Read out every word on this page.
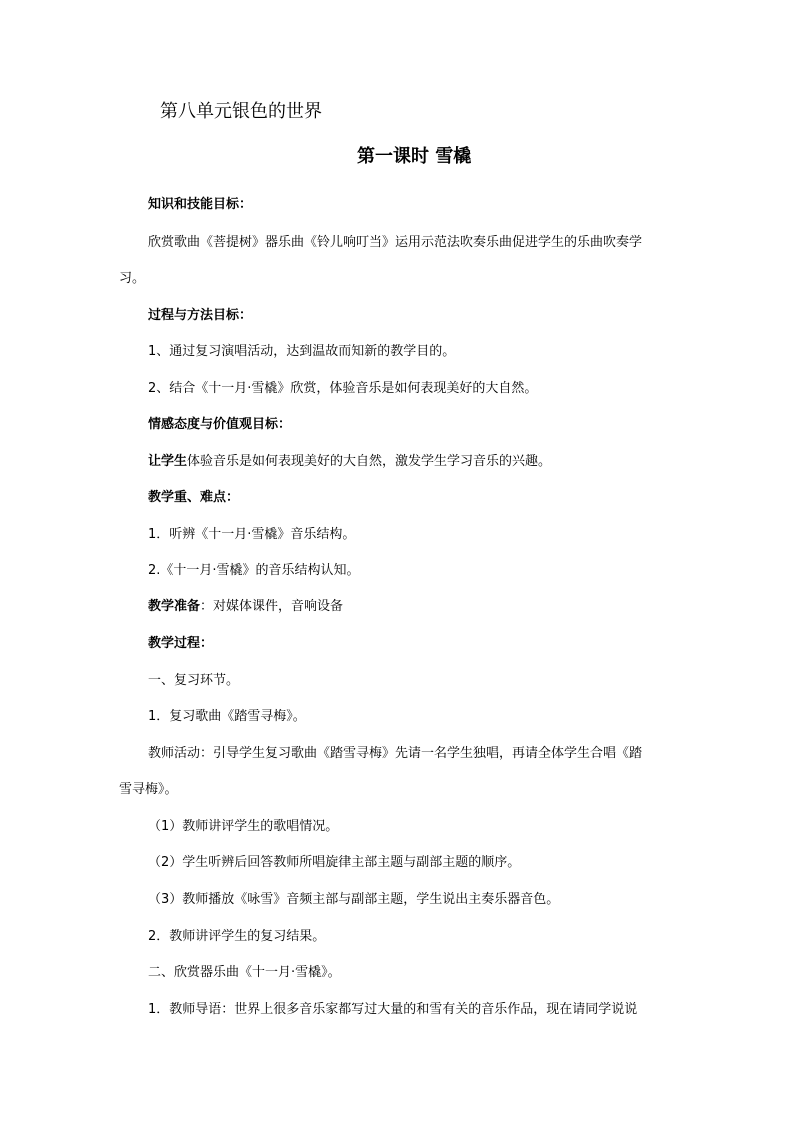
第八单元银色的世界
第一课时 雪橇
知识和技能目标：
欣赏歌曲《菩提树》器乐曲《铃儿响叮当》运用示范法吹奏乐曲促进学生的乐曲吹奏学
习。
过程与方法目标：
1、通过复习演唱活动，达到温故而知新的教学目的。
2、结合《十一月·雪橇》欣赏，体验音乐是如何表现美好的大自然。
情感态度与价值观目标：
让学生体验音乐是如何表现美好的大自然，激发学生学习音乐的兴趣。
教学重、难点：
1．听辨《十一月·雪橇》音乐结构。
2.《十一月·雪橇》的音乐结构认知。
教学准备：对媒体课件，音响设备
教学过程：
一、复习环节。
1．复习歌曲《踏雪寻梅》。
教师活动：引导学生复习歌曲《踏雪寻梅》先请一名学生独唱，再请全体学生合唱《踏
雪寻梅》。
（1）教师讲评学生的歌唱情况。
（2）学生听辨后回答教师所唱旋律主部主题与副部主题的顺序。
（3）教师播放《咏雪》音频主部与副部主题，学生说出主奏乐器音色。
2．教师讲评学生的复习结果。
二、欣赏器乐曲《十一月·雪橇》。
1．教师导语：世界上很多音乐家都写过大量的和雪有关的音乐作品，现在请同学说说
